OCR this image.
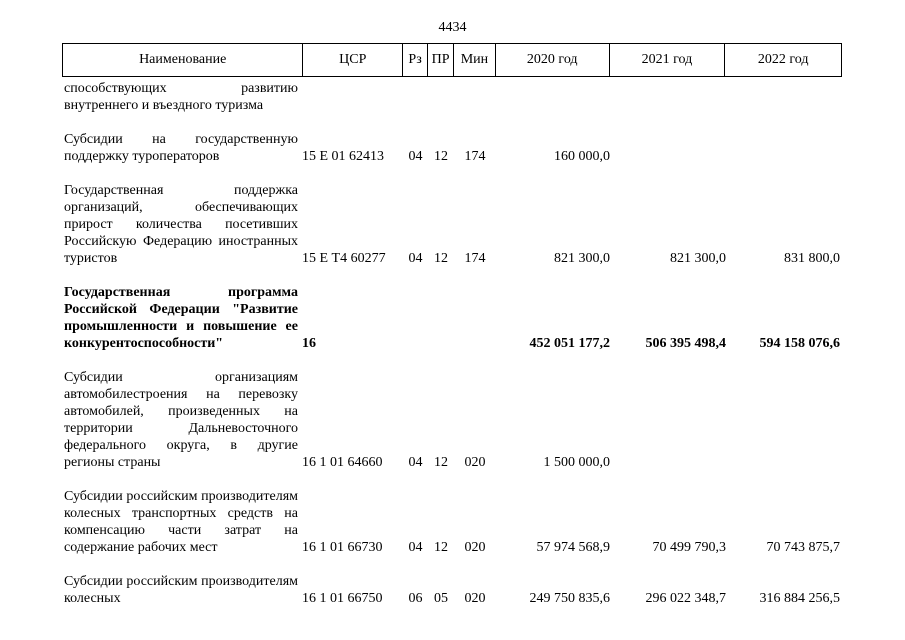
4434
Наименование	ЦСР	Рз ПР Мин	2020 год	2021 год	2022 год
способствующих развитию внутреннего и въездного туризма
Субсидии на государственную поддержку туроператоров	15 Е 01 62413	04 12	174	160 000,0
Государственная поддержка организаций, обеспечивающих прирост количества посетивших Российскую Федерацию иностранных туристов	15 Е Т4 60277	04 12	174	821 300,0	821 300,0	831 800,0
Государственная программа Российской Федерации "Развитие промышленности и повышение ее конкурентоспособности"	16	452 051 177,2	506 395 498,4	594 158 076,6
Субсидии организациям автомобилестроения на перевозку автомобилей, произведенных на территории Дальневосточного федерального округа, в другие регионы страны	16 1 01 64660	04 12	020	1 500 000,0
Субсидии российским производителям колесных транспортных средств на компенсацию части затрат на содержание рабочих мест	16 1 01 66730	04 12	020	57 974 568,9	70 499 790,3	70 743 875,7
Субсидии российским производителям колесных	16 1 01 66750	06 05	020	249 750 835,6	296 022 348,7	316 884 256,5
